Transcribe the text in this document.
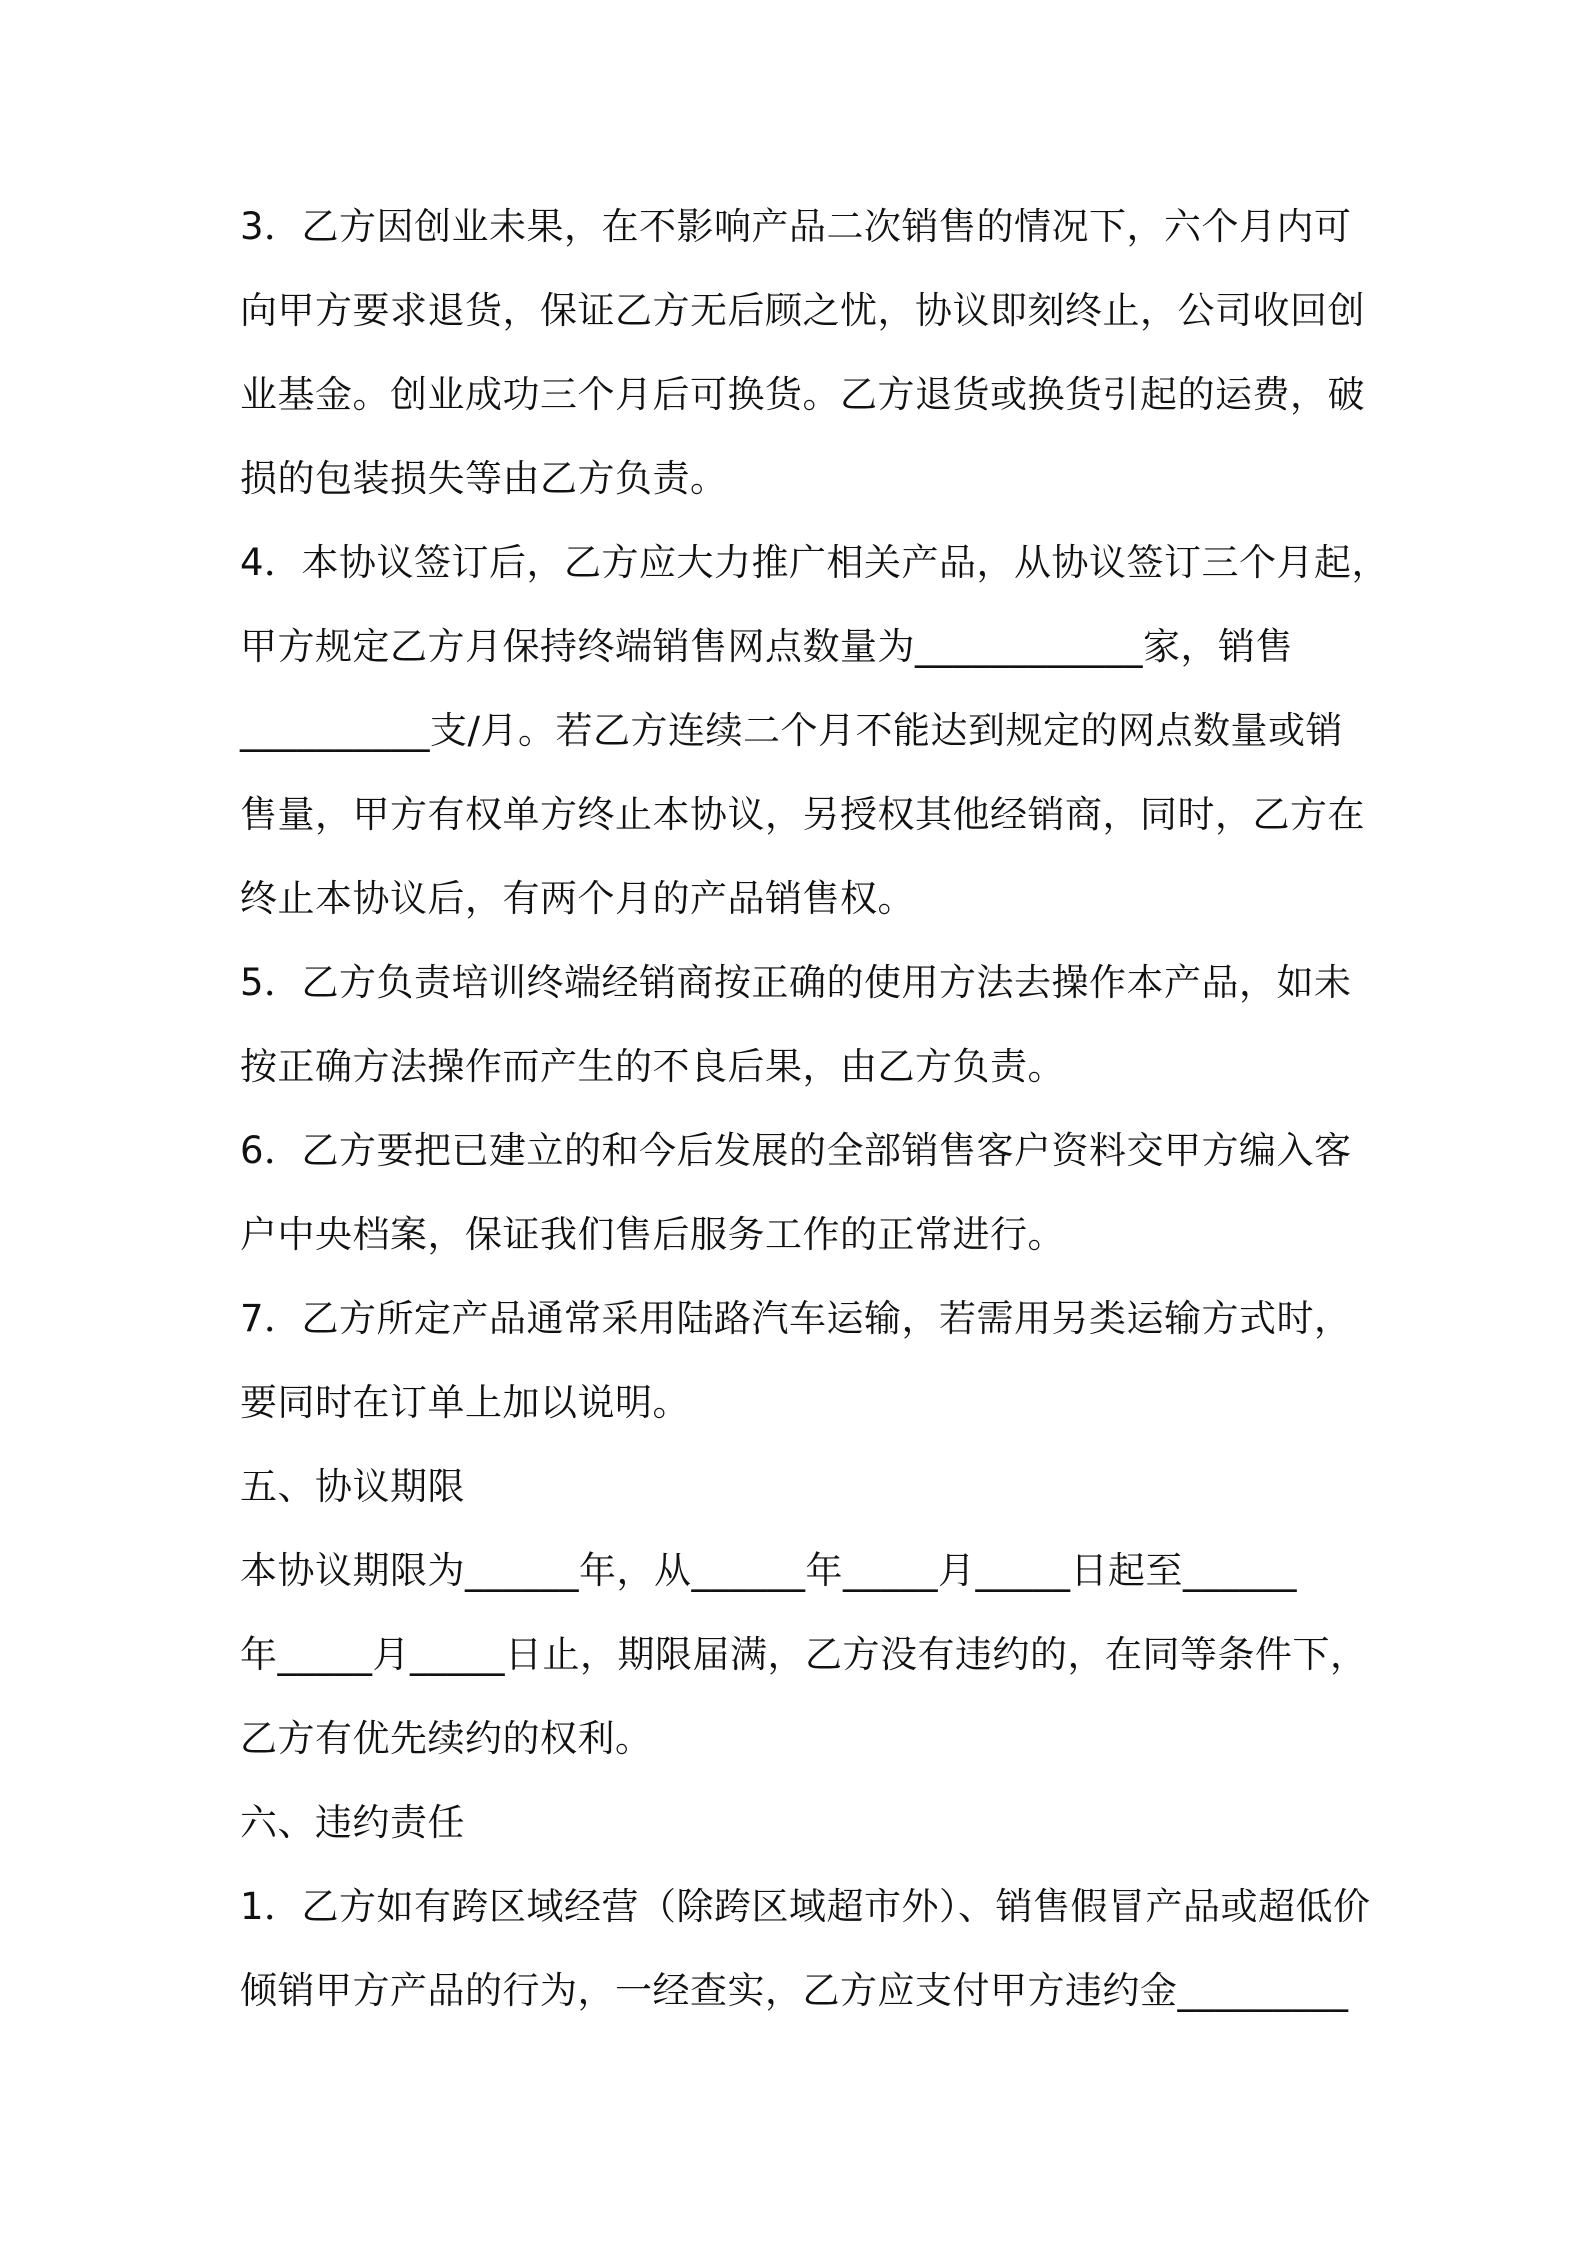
3．乙方因创业未果，在不影响产品二次销售的情况下，六个月内可
向甲方要求退货，保证乙方无后顾之忧，协议即刻终止，公司收回创
业基金。创业成功三个月后可换货。乙方退货或换货引起的运费，破
损的包装损失等由乙方负责。
4．本协议签订后，乙方应大力推广相关产品，从协议签订三个月起，
甲方规定乙方月保持终端销售网点数量为____________家，销售
__________支/月。若乙方连续二个月不能达到规定的网点数量或销
售量，甲方有权单方终止本协议，另授权其他经销商，同时，乙方在
终止本协议后，有两个月的产品销售权。
5．乙方负责培训终端经销商按正确的使用方法去操作本产品，如未
按正确方法操作而产生的不良后果，由乙方负责。
6．乙方要把已建立的和今后发展的全部销售客户资料交甲方编入客
户中央档案，保证我们售后服务工作的正常进行。
7．乙方所定产品通常采用陆路汽车运输，若需用另类运输方式时，
要同时在订单上加以说明。
五、协议期限
本协议期限为______年，从______年_____月_____日起至______
年_____月_____日止，期限届满，乙方没有违约的，在同等条件下，
乙方有优先续约的权利。
六、违约责任
1．乙方如有跨区域经营（除跨区域超市外）、销售假冒产品或超低价
倾销甲方产品的行为，一经查实，乙方应支付甲方违约金_________
